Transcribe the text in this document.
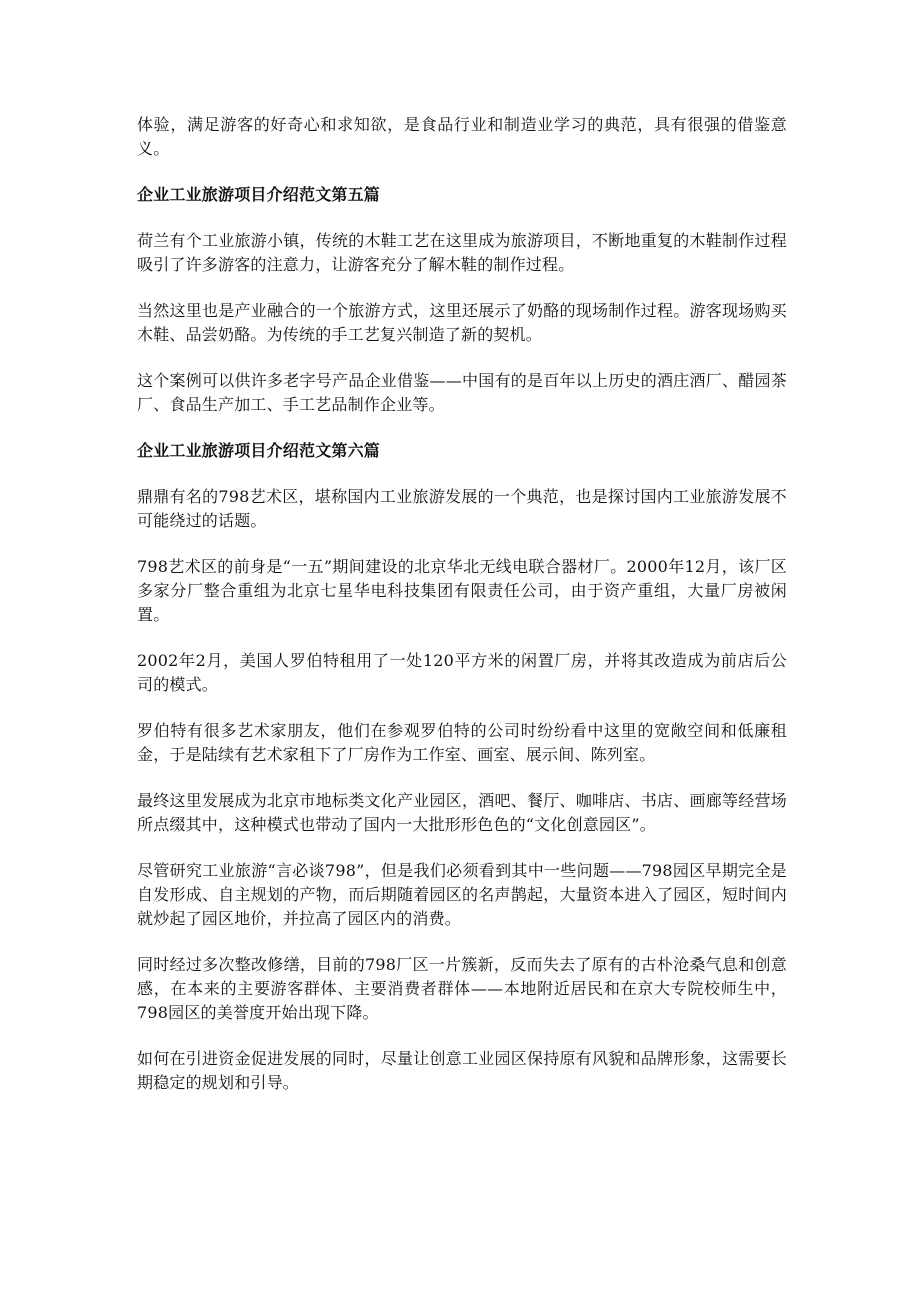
体验，满足游客的好奇心和求知欲，是食品行业和制造业学习的典范，具有很强的借鉴意义。

企业工业旅游项目介绍范文第五篇

荷兰有个工业旅游小镇，传统的木鞋工艺在这里成为旅游项目，不断地重复的木鞋制作过程吸引了许多游客的注意力，让游客充分了解木鞋的制作过程。

当然这里也是产业融合的一个旅游方式，这里还展示了奶酪的现场制作过程。游客现场购买木鞋、品尝奶酪。为传统的手工艺复兴制造了新的契机。

这个案例可以供许多老字号产品企业借鉴——中国有的是百年以上历史的酒庄酒厂、醋园茶厂、食品生产加工、手工艺品制作企业等。

企业工业旅游项目介绍范文第六篇

鼎鼎有名的798艺术区，堪称国内工业旅游发展的一个典范，也是探讨国内工业旅游发展不可能绕过的话题。

798艺术区的前身是“一五”期间建设的北京华北无线电联合器材厂。2000年12月，该厂区多家分厂整合重组为北京七星华电科技集团有限责任公司，由于资产重组，大量厂房被闲置。

2002年2月，美国人罗伯特租用了一处120平方米的闲置厂房，并将其改造成为前店后公司的模式。

罗伯特有很多艺术家朋友，他们在参观罗伯特的公司时纷纷看中这里的宽敞空间和低廉租金，于是陆续有艺术家租下了厂房作为工作室、画室、展示间、陈列室。

最终这里发展成为北京市地标类文化产业园区，酒吧、餐厅、咖啡店、书店、画廊等经营场所点缀其中，这种模式也带动了国内一大批形形色色的“文化创意园区”。

尽管研究工业旅游“言必谈798”，但是我们必须看到其中一些问题——798园区早期完全是自发形成、自主规划的产物，而后期随着园区的名声鹊起，大量资本进入了园区，短时间内就炒起了园区地价，并拉高了园区内的消费。

同时经过多次整改修缮，目前的798厂区一片簇新，反而失去了原有的古朴沧桑气息和创意感，在本来的主要游客群体、主要消费者群体——本地附近居民和在京大专院校师生中，798园区的美誉度开始出现下降。

如何在引进资金促进发展的同时，尽量让创意工业园区保持原有风貌和品牌形象，这需要长期稳定的规划和引导。
